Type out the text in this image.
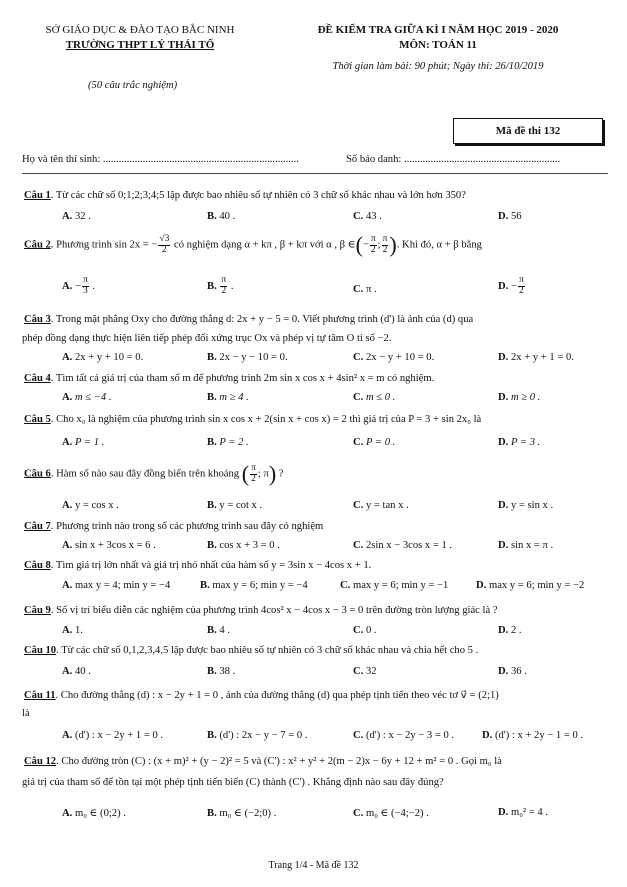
SỞ GIÁO DỤC & ĐÀO TẠO BẮC NINH
TRƯỜNG THPT LÝ THÁI TỔ
(50 câu trắc nghiệm)
ĐỀ KIỂM TRA GIỮA KÌ I NĂM HỌC 2019 - 2020
MÔN: TOÁN 11
Thời gian làm bài: 90 phút; Ngày thi: 26/10/2019
Mã đề thi 132
Họ và tên thí sinh: ..........................................................................	Số báo danh: ...........................................................
Câu 1. Từ các chữ số 0;1;2;3;4;5 lập được bao nhiêu số tự nhiên có 3 chữ số khác nhau và lớn hơn 350?
A. 32 .	B. 40 .	C. 43 .	D. 56
Câu 2. Phương trình sin 2x = − $\frac{√3}{2}$ có nghiệm dạng α + kπ , β + kπ với α , β ∈(− $\frac{\pi}{2}$ ; $\frac{\pi}{2}$ ). Khi đó, α + β bằng
A. − $\frac{\pi}{3}$ .	B. $\frac{\pi}{2}$ .	C. π .	D. − $\frac{\pi}{2}$
Câu 3. Trong mặt phẳng Oxy cho đường thẳng d: 2x + y − 5 = 0. Viết phương trình (d') là ảnh của (d) qua
phép đồng dạng thực hiện liên tiếp phép đối xứng trục Ox và phép vị tự tâm O tỉ số −2.
A. 2x + y + 10 = 0.	B. 2x − y − 10 = 0.	C. 2x − y + 10 = 0.	D. 2x + y + 1 = 0.
Câu 4. Tìm tất cả giá trị của tham số m để phương trình 2m sin x cos x + 4sin² x = m có nghiệm.
A. m ≤ −4 .	B. m ≥ 4 .	C. m ≤ 0 .	D. m ≥ 0 .
Câu 5. Cho x₀ là nghiệm của phương trình sin x cos x + 2(sin x + cos x) = 2 thì giá trị của P = 3 + sin 2x₀ là
A. P = 1 .	B. P = 2 .	C. P = 0 .	D. P = 3 .
Câu 6. Hàm số nào sau đây đồng biến trên khoảng ( $\frac{\pi}{2}$ ; π) ?
A. y = cos x .	B. y = cot x .	C. y = tan x .	D. y = sin x .
Câu 7. Phương trình nào trong số các phương trình sau đây có nghiệm
A. sin x + 3cos x = 6 .	B. cos x + 3 = 0 .	C. 2sin x − 3cos x = 1 .	D. sin x = π .
Câu 8. Tìm giá trị lớn nhất và giá trị nhỏ nhất của hàm số y = 3sin x − 4cos x + 1.
A. max y = 4; min y = −4	B. max y = 6; min y = −4	C. max y = 6; min y = −1	D. max y = 6; min y = −2
Câu 9. Số vị trí biểu diễn các nghiệm của phương trình 4cos² x − 4cos x − 3 = 0 trên đường tròn lượng giác là ?
A. 1.	B. 4 .	C. 0 .	D. 2 .
Câu 10. Từ các chữ số 0,1,2,3,4,5 lập được bao nhiêu số tự nhiên có 3 chữ số khác nhau và chia hết cho 5 .
A. 40 .	B. 38 .	C. 32	D. 36 .
Câu 11. Cho đường thẳng (d) : x − 2y + 1 = 0 , ảnh của đường thẳng (d) qua phép tịnh tiến theo véc tơ v⃗ = (2;1)
là
A. (d') : x − 2y + 1 = 0 .	B. (d') : 2x − y − 7 = 0 .	C. (d') : x − 2y − 3 = 0 .	D. (d') : x + 2y − 1 = 0 .
Câu 12. Cho đường tròn (C) : (x + m)² + (y − 2)² = 5 và (C') : x² + y² + 2(m − 2)x − 6y + 12 + m² = 0 . Gọi m₀ là
giá trị của tham số để tồn tại một phép tịnh tiến biến (C) thành (C') . Khẳng định nào sau đây đúng?
A. m₀ ∈ (0;2) .	B. m₀ ∈ (−2;0) .	C. m₀ ∈ (−4;−2) .	D. m₀² = 4 .
Trang 1/4 - Mã đề 132
